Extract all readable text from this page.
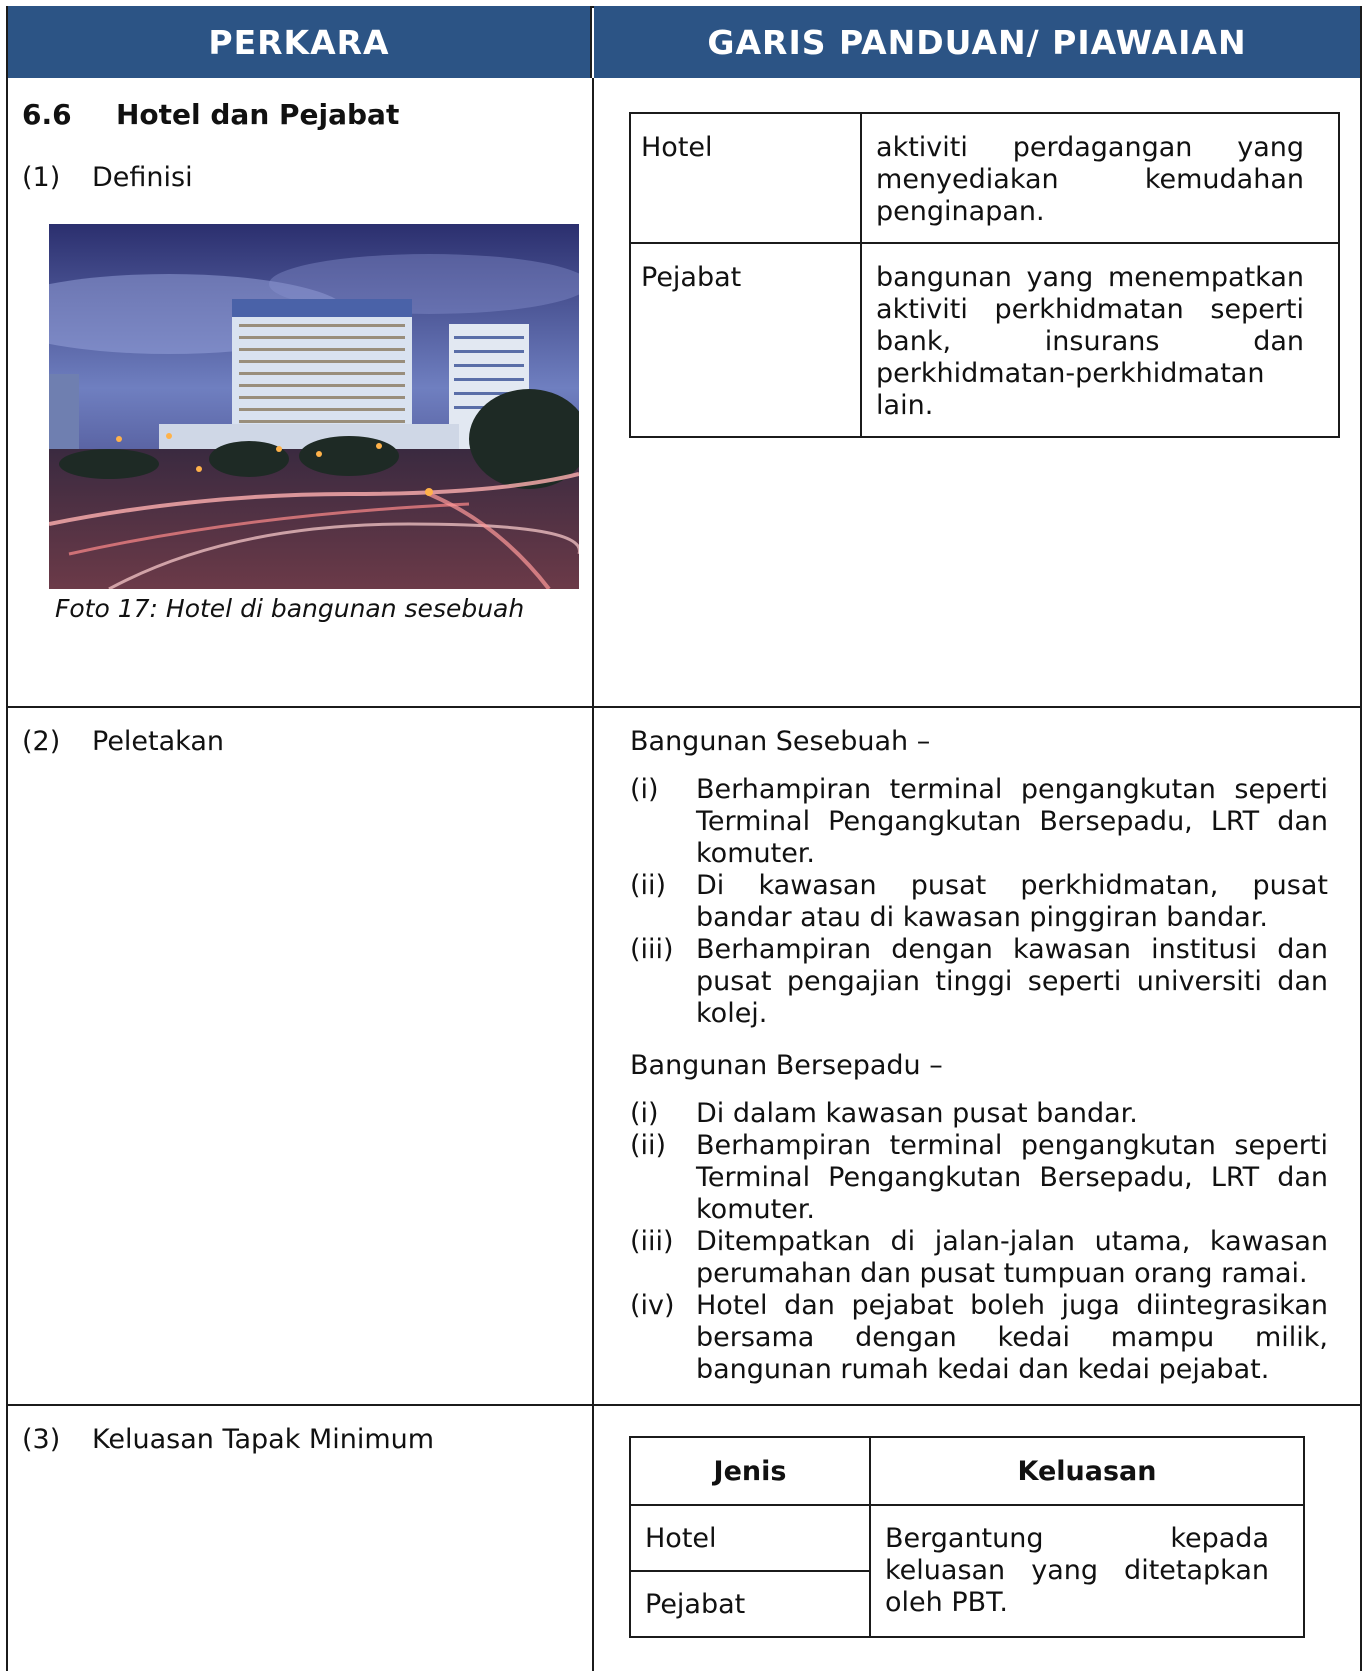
PERKARA	GARIS PANDUAN/ PIAWAIAN
6.6 Hotel dan Pejabat
(1) Definisi
Foto 17: Hotel di bangunan sesebuah
Hotel	aktiviti perdagangan yang menyediakan kemudahan penginapan.
Pejabat	bangunan yang menempatkan aktiviti perkhidmatan seperti bank, insurans dan perkhidmatan-perkhidmatan lain.
(2) Peletakan	Bangunan Sesebuah –
(i)	Berhampiran terminal pengangkutan seperti Terminal Pengangkutan Bersepadu, LRT dan komuter.
(ii)	Di kawasan pusat perkhidmatan, pusat bandar atau di kawasan pinggiran bandar.
(iii) Berhampiran dengan kawasan institusi dan pusat pengajian tinggi seperti universiti dan kolej.
Bangunan Bersepadu –
(i)	Di dalam kawasan pusat bandar.
(ii)	Berhampiran terminal pengangkutan seperti Terminal Pengangkutan Bersepadu, LRT dan komuter.
(iii) Ditempatkan di jalan-jalan utama, kawasan perumahan dan pusat tumpuan orang ramai.
(iv) Hotel dan pejabat boleh juga diintegrasikan bersama dengan kedai mampu milik, bangunan rumah kedai dan kedai pejabat.
(3) Keluasan Tapak Minimum
Jenis	Keluasan
Hotel	Bergantung kepada keluasan yang ditetapkan oleh PBT.
Pejabat	
